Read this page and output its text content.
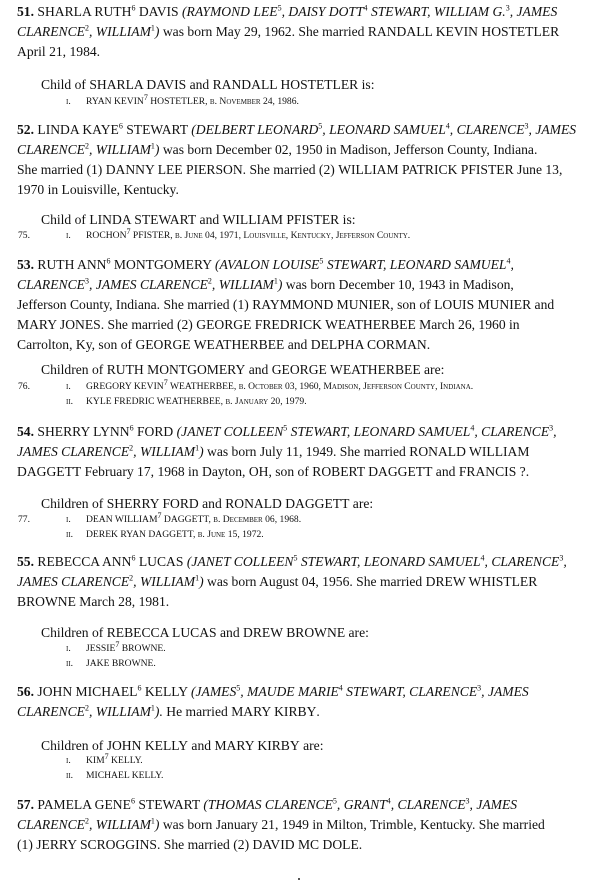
51. SHARLA RUTH$^6$ DAVIS (RAYMOND LEE$^5$, DAISY DOTT$^4$ STEWART, WILLIAM G.$^3$, JAMES
CLARENCE$^2$, WILLIAM$^1$) was born May 29, 1962. She married RANDALL KEVIN HOSTETLER
April 21, 1984.
Child of SHARLA DAVIS and RANDALL HOSTETLER is:
i. RYAN KEVIN$^7$ HOSTETLER, b. November 24, 1986.
52. LINDA KAYE$^6$ STEWART (DELBERT LEONARD$^5$, LEONARD SAMUEL$^4$, CLARENCE$^3$, JAMES
CLARENCE$^2$, WILLIAM$^1$) was born December 02, 1950 in Madison, Jefferson County, Indiana.
She married (1) DANNY LEE PIERSON. She married (2) WILLIAM PATRICK PFISTER June 13,
1970 in Louisville, Kentucky.
Child of LINDA STEWART and WILLIAM PFISTER is:
i. ROCHON$^7$ PFISTER, b. June 04, 1971, Louisville, Kentucky, Jefferson County.
53. RUTH ANN$^6$ MONTGOMERY (AVALON LOUISE$^5$ STEWART, LEONARD SAMUEL$^4$,
CLARENCE$^3$, JAMES CLARENCE$^2$, WILLIAM$^1$) was born December 10, 1943 in Madison,
Jefferson County, Indiana. She married (1) RAYMMOND MUNIER, son of LOUIS MUNIER and
MARY JONES. She married (2) GEORGE FREDRICK WEATHERBEE March 26, 1960 in
Carrolton, Ky, son of GEORGE WEATHERBEE and DELPHA CORMAN.
Children of RUTH MONTGOMERY and GEORGE WEATHERBEE are:
i. GREGORY KEVIN$^7$ WEATHERBEE, b. October 03, 1960, Madison, Jefferson County, Indiana.
ii. KYLE FREDRIC WEATHERBEE, b. January 20, 1979.
54. SHERRY LYNN$^6$ FORD (JANET COLLEEN$^5$ STEWART, LEONARD SAMUEL$^4$, CLARENCE$^3$,
JAMES CLARENCE$^2$, WILLIAM$^1$) was born July 11, 1949. She married RONALD WILLIAM
DAGGETT February 17, 1968 in Dayton, OH, son of ROBERT DAGGETT and FRANCIS ?.
Children of SHERRY FORD and RONALD DAGGETT are:
i. DEAN WILLIAM$^7$ DAGGETT, b. December 06, 1968.
ii. DEREK RYAN DAGGETT, b. June 15, 1972.
55. REBECCA ANN$^6$ LUCAS (JANET COLLEEN$^5$ STEWART, LEONARD SAMUEL$^4$, CLARENCE$^3$,
JAMES CLARENCE$^2$, WILLIAM$^1$) was born August 04, 1956. She married DREW WHISTLER
BROWNE March 28, 1981.
Children of REBECCA LUCAS and DREW BROWNE are:
i. JESSIE$^7$ BROWNE.
ii. JAKE BROWNE.
56. JOHN MICHAEL$^6$ KELLY (JAMES$^5$, MAUDE MARIE$^4$ STEWART, CLARENCE$^3$, JAMES
CLARENCE$^2$, WILLIAM$^1$). He married MARY KIRBY.
Children of JOHN KELLY and MARY KIRBY are:
i. KIM$^7$ KELLY.
ii. MICHAEL KELLY.
57. PAMELA GENE$^6$ STEWART (THOMAS CLARENCE$^5$, GRANT$^4$, CLARENCE$^3$, JAMES
CLARENCE$^2$, WILLIAM$^1$) was born January 21, 1949 in Milton, Trimble, Kentucky. She married
(1) JERRY SCROGGINS. She married (2) DAVID MC DOLE.
75.
76.
77.
